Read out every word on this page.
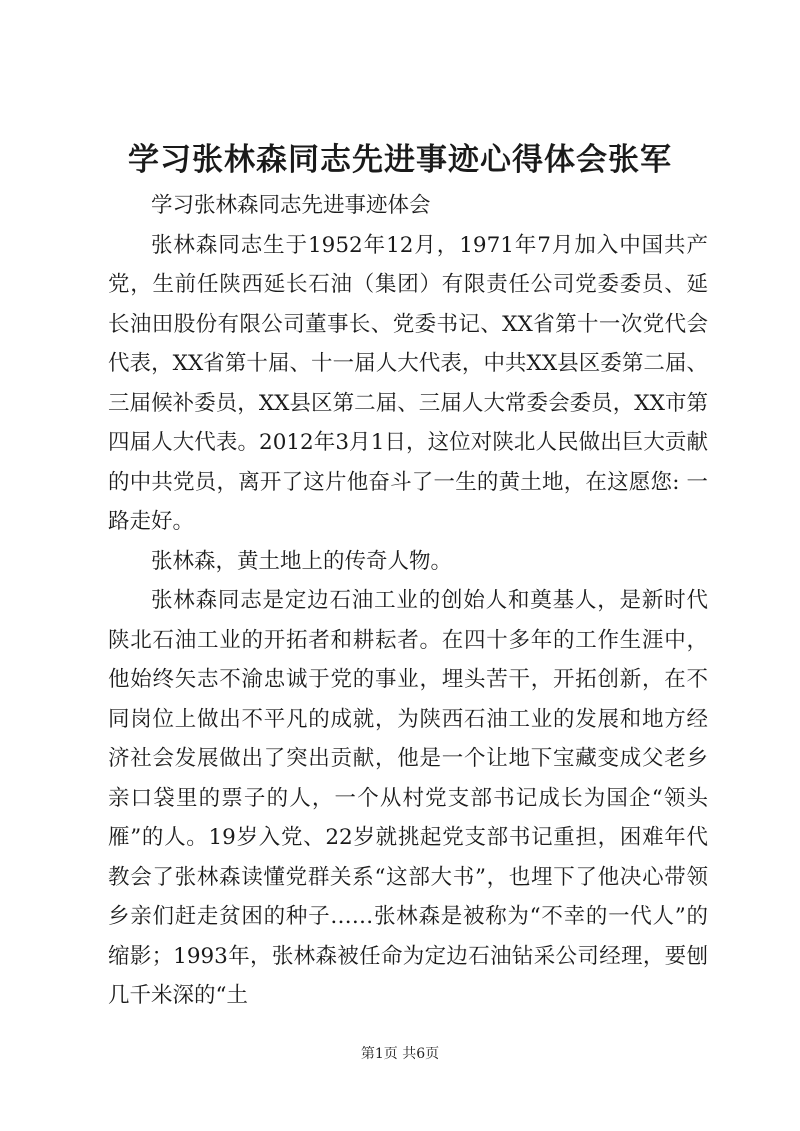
学习张林森同志先进事迹心得体会张军

学习张林森同志先进事迹体会

张林森同志生于1952年12月，1971年7月加入中国共产党，生前任陕西延长石油（集团）有限责任公司党委委员、延长油田股份有限公司董事长、党委书记、XX省第十一次党代会代表，XX省第十届、十一届人大代表，中共XX县区委第二届、三届候补委员，XX县区第二届、三届人大常委会委员，XX市第四届人大代表。2012年3月1日，这位对陕北人民做出巨大贡献的中共党员，离开了这片他奋斗了一生的黄土地，在这愿您: 一路走好。

张林森，黄土地上的传奇人物。

张林森同志是定边石油工业的创始人和奠基人，是新时代陕北石油工业的开拓者和耕耘者。在四十多年的工作生涯中，他始终矢志不渝忠诚于党的事业，埋头苦干，开拓创新，在不同岗位上做出不平凡的成就，为陕西石油工业的发展和地方经济社会发展做出了突出贡献，他是一个让地下宝藏变成父老乡亲口袋里的票子的人，一个从村党支部书记成长为国企“领头雁”的人。19岁入党、22岁就挑起党支部书记重担，困难年代教会了张林森读懂党群关系“这部大书”，也埋下了他决心带领乡亲们赶走贫困的种子……张林森是被称为“不幸的一代人”的缩影；1993年，张林森被任命为定边石油钻采公司经理，要刨几千米深的“土

第1页 共6页
